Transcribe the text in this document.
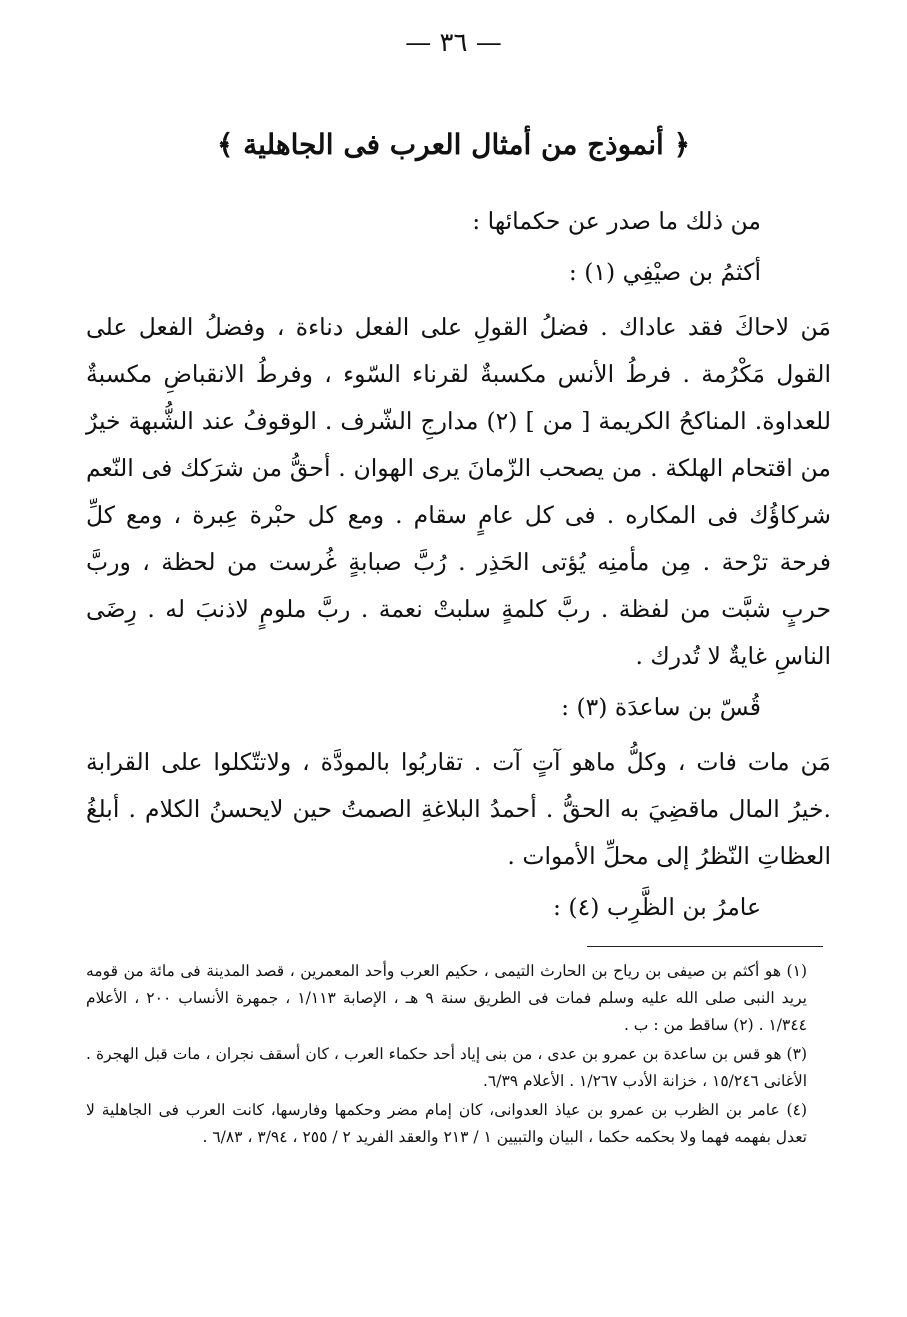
— ٣٦ —
﴿ أنموذج من أمثال العرب فى الجاهلية ﴾

من ذلك ما صدر عن حكمائها :

أكثمُ بن صيْفِي (١) :

مَن لاحاكَ فقد عاداك . فضلُ القولِ على الفعل دناءة ، وفضلُ الفعل على القول مَكْرُمة . فرطُ الأنس مكسبةٌ لقرناء السّوء ، وفرطُ الانقباضِ مكسبةٌ للعداوة. المناكحُ الكريمة [ من ] (٢) مدارجِ الشّرف . الوقوفُ عند الشُّبهة خيرٌ من اقتحام الهلكة . من يصحب الزّمانَ يرى الهوان . أحقُّ من شرَكك فى النّعم شركاؤُك فى المكاره . فى كل عامٍ سقام . ومع كل حبْرة عِبرة ، ومع كلِّ فرحة ترْحة . مِن مأمنِه يُؤتى الحَذِر . رُبَّ صبابةٍ غُرست من لحظة ، وربَّ حربٍ شبَّت من لفظة . ربَّ كلمةٍ سلبتْ نعمة . ربَّ ملومٍ لاذنبَ له . رِضَى الناسِ غايةٌ لا تُدرك .

قُسّ بن ساعدَة (٣) :

مَن مات فات ، وكلُّ ماهو آتٍ آت . تقاربُوا بالمودَّة ، ولاتتّكلوا على القرابة .خيرُ المال ماقضِيَ به الحقُّ . أحمدُ البلاغةِ الصمتُ حين لايحسنُ الكلام . أبلغُ العظاتِ النّظرُ إلى محلِّ الأموات .

عامرُ بن الظَّرِب (٤) :

(١) هو أكثم بن صيفى بن رياح بن الحارث التيمى ، حكيم العرب وأحد المعمرين ، قصد المدينة فى مائة من قومه يريد النبى صلى الله عليه وسلم فمات فى الطريق سنة ٩ هـ ، الإصابة ١/١١٣ ، جمهرة الأنساب ٢٠٠ ، الأعلام ١/٣٤٤ . (٢) ساقط من : ب .

(٣) هو قس بن ساعدة بن عمرو بن عدى ، من بنى إياد أحد حكماء العرب ، كان أسقف نجران ، مات قبل الهجرة . الأغانى ١٥/٢٤٦ ، خزانة الأدب ١/٢٦٧ . الأعلام ٦/٣٩.

(٤) عامر بن الظرب بن عمرو بن عياذ العدوانى، كان إمام مضر وحكمها وفارسها، كانت العرب فى الجاهلية لا تعدل بفهمه فهما ولا بحكمه حكما ، البيان والتبيين ١ / ٢١٣ والعقد الفريد ٢ / ٢٥٥ ، ٣/٩٤ ، ٦/٨٣ .
